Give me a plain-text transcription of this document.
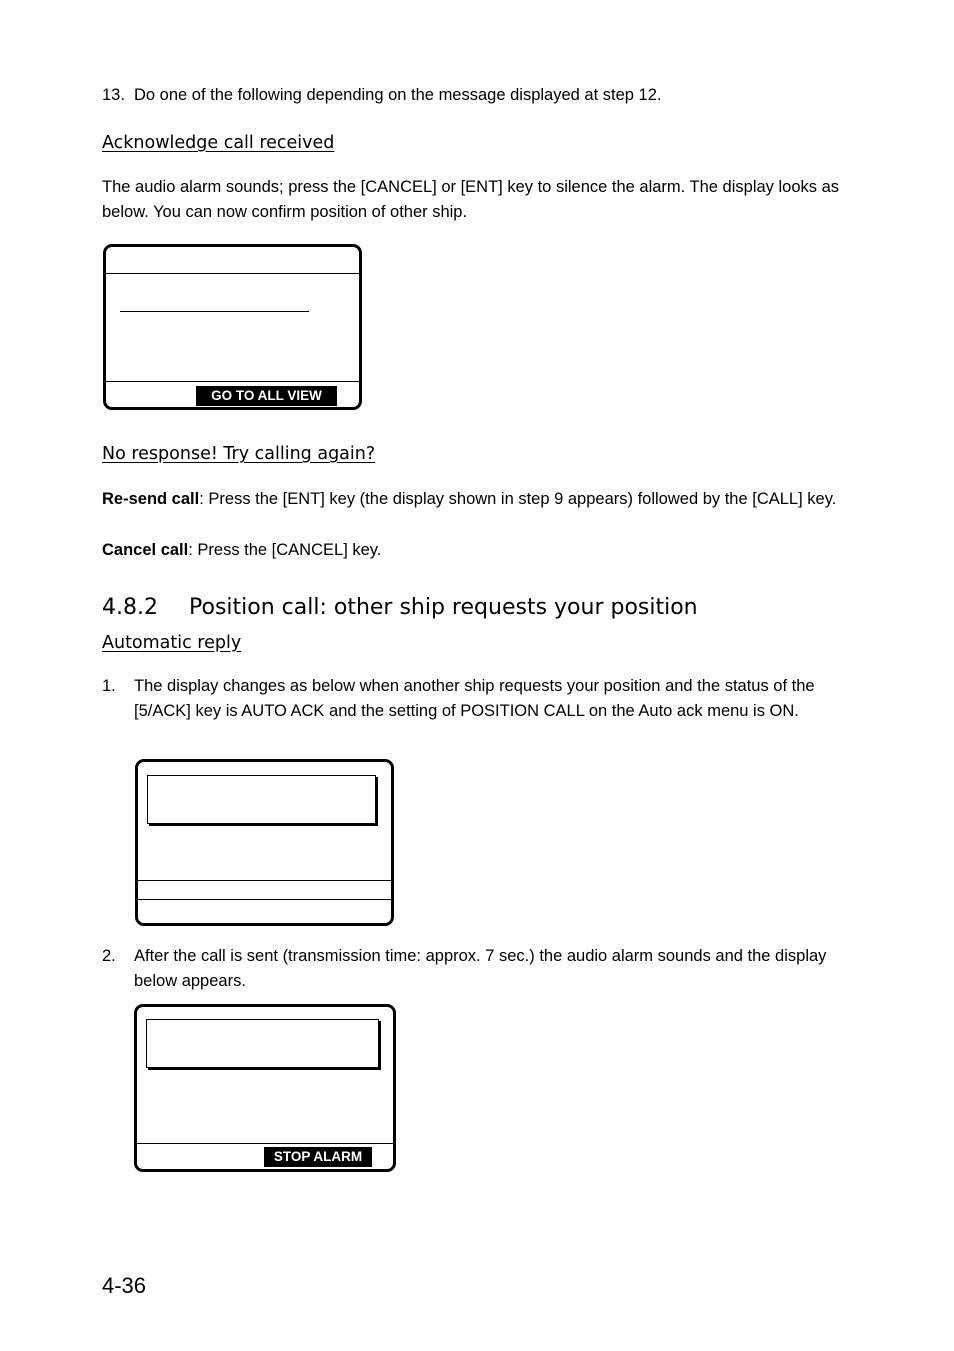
13. Do one of the following depending on the message displayed at step 12.
Acknowledge call received
The audio alarm sounds; press the [CANCEL] or [ENT] key to silence the alarm. The display looks as below. You can now confirm position of other ship.
GO TO ALL VIEW
No response! Try calling again?
Re-send call: Press the [ENT] key (the display shown in step 9 appears) followed by the [CALL] key.
Cancel call: Press the [CANCEL] key.
4.8.2 Position call: other ship requests your position
Automatic reply
1.	The display changes as below when another ship requests your position and the status of the [5/ACK] key is AUTO ACK and the setting of POSITION CALL on the Auto ack menu is ON.
2.	After the call is sent (transmission time: approx. 7 sec.) the audio alarm sounds and the display below appears.
STOP ALARM
4-36
